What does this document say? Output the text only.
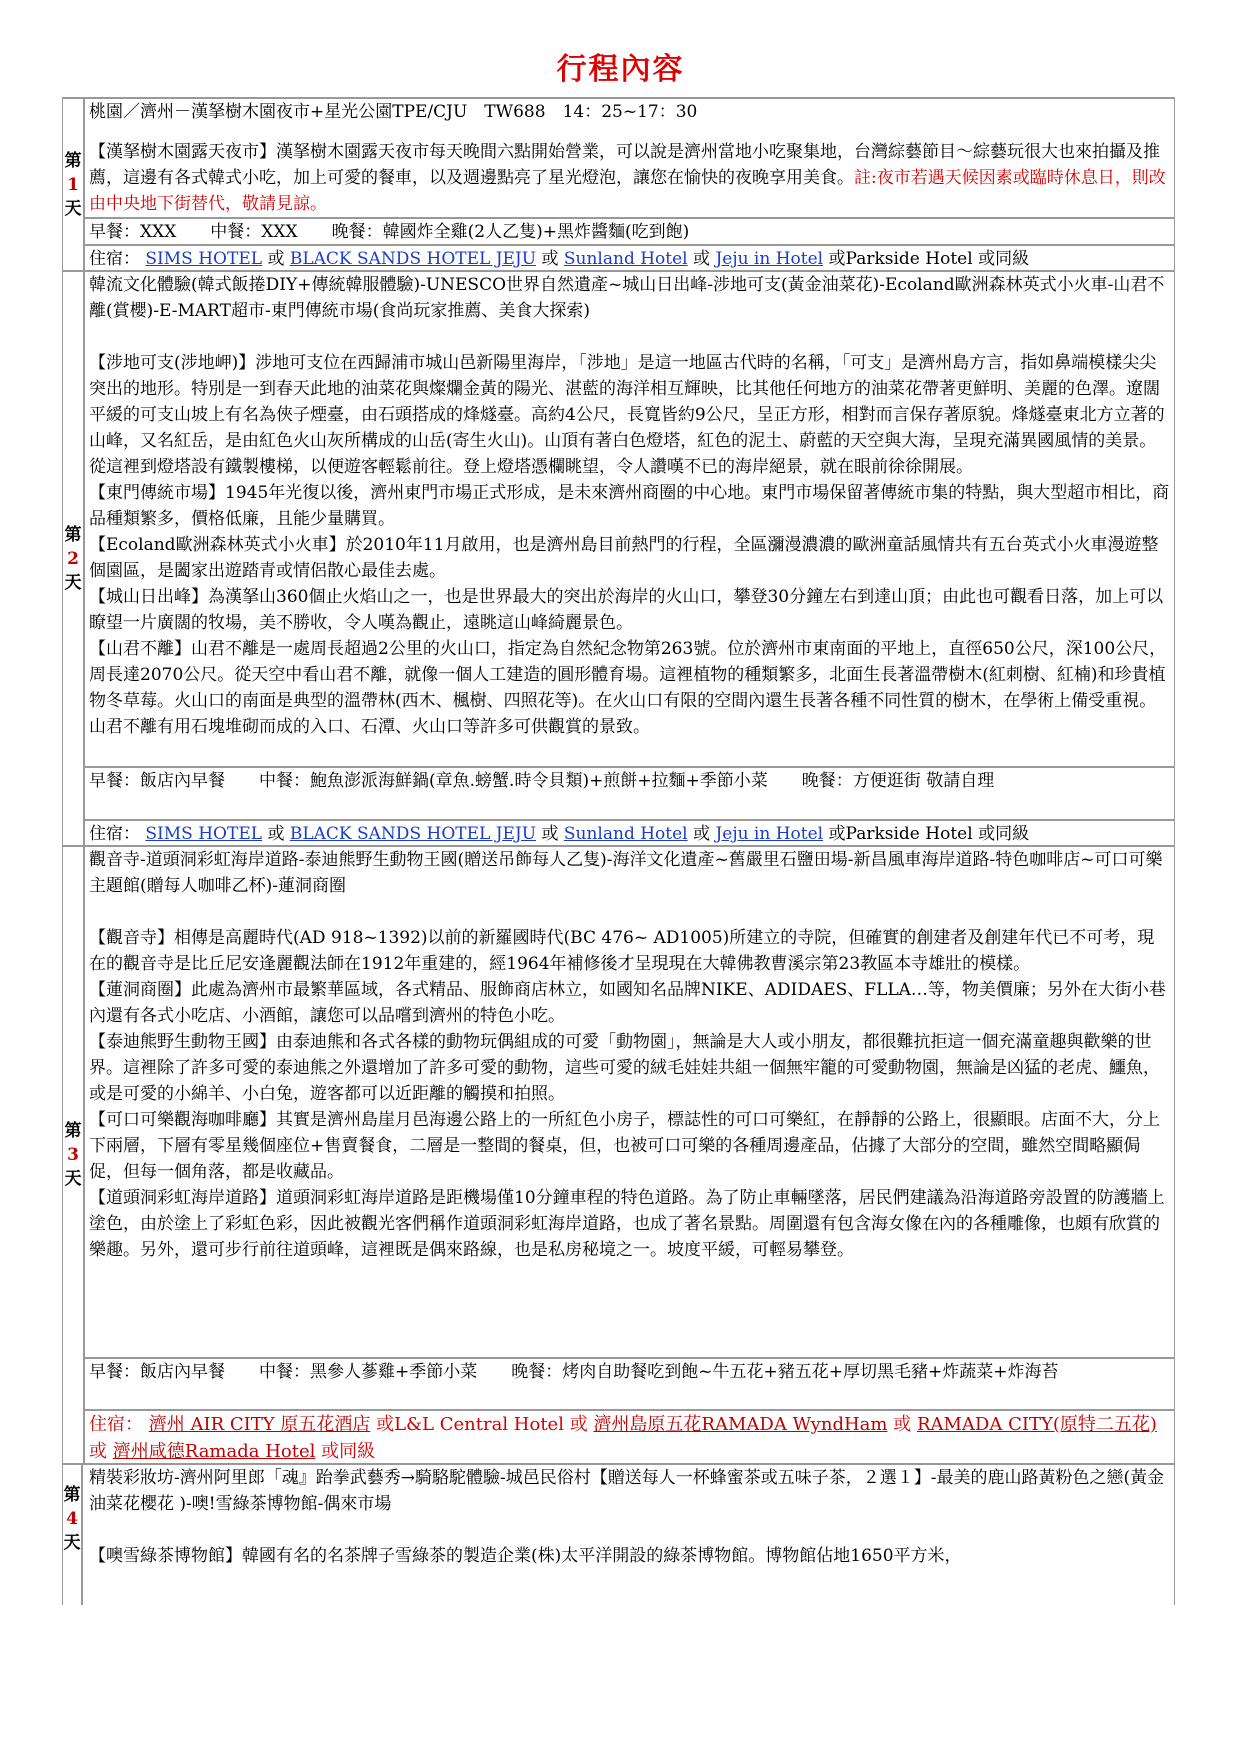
行程內容
第
1
天

桃園／濟州－漢拏樹木園夜市+星光公園TPE/CJU　TW688　14：25~17：30

【漢拏樹木園露天夜市】漢拏樹木園露天夜市每天晚間六點開始營業，可以說是濟州當地小吃聚集地，台灣綜藝節目～綜藝玩很大也來拍攝及推薦，這邊有各式韓式小吃，加上可愛的餐車，以及週邊點亮了星光燈泡，讓您在愉快的夜晚享用美食。註:夜市若遇天候因素或臨時休息日，則改由中央地下街替代，敬請見諒。

早餐：XXX　　中餐：XXX　　晚餐：韓國炸全雞(2人乙隻)+黑炸醬麵(吃到飽)

住宿： SIMS HOTEL 或 BLACK SANDS HOTEL JEJU 或 Sunland Hotel 或 Jeju in Hotel 或Parkside Hotel 或同級

第
2
天

韓流文化體驗(韓式飯捲DIY+傳統韓服體驗)-UNESCO世界自然遺產~城山日出峰-涉地可支(黃金油菜花)-Ecoland歐洲森林英式小火車-山君不離(賞櫻)-E-MART超市-東門傳統市場(食尚玩家推薦、美食大探索)

【涉地可支(涉地岬)】涉地可支位在西歸浦市城山邑新陽里海岸，「涉地」是這一地區古代時的名稱，「可支」是濟州島方言，指如鼻端模樣尖尖突出的地形。特別是一到春天此地的油菜花與燦爛金黃的陽光、湛藍的海洋相互輝映，比其他任何地方的油菜花帶著更鮮明、美麗的色澤。遼闊平緩的可支山坡上有名為俠子煙臺，由石頭搭成的烽燧臺。高約4公尺，長寬皆約9公尺，呈正方形，相對而言保存著原貌。烽燧臺東北方立著的山峰，又名紅岳，是由紅色火山灰所構成的山岳(寄生火山)。山頂有著白色燈塔，紅色的泥土、蔚藍的天空與大海，呈現充滿異國風情的美景。從這裡到燈塔設有鐵製樓梯，以便遊客輕鬆前往。登上燈塔憑欄眺望，令人讚嘆不已的海岸絕景，就在眼前徐徐開展。

【東門傳統市場】1945年光復以後，濟州東門市場正式形成，是未來濟州商圈的中心地。東門市場保留著傳統市集的特點，與大型超市相比，商品種類繁多，價格低廉，且能少量購買。

【Ecoland歐洲森林英式小火車】於2010年11月啟用，也是濟州島目前熱門的行程，全區瀰漫濃濃的歐洲童話風情共有五台英式小火車漫遊整個園區，是闔家出遊踏青或情侶散心最佳去處。

【城山日出峰】為漢拏山360個止火焰山之一，也是世界最大的突出於海岸的火山口，攀登30分鐘左右到達山頂；由此也可觀看日落，加上可以瞭望一片廣闊的牧場，美不勝收，令人嘆為觀止，遠眺這山峰綺麗景色。

【山君不離】山君不離是一處周長超過2公里的火山口，指定為自然紀念物第263號。位於濟州市東南面的平地上，直徑650公尺，深100公尺，周長達2070公尺。從天空中看山君不離，就像一個人工建造的圓形體育場。這裡植物的種類繁多，北面生長著溫帶樹木(紅刺樹、紅楠)和珍貴植物冬草莓。火山口的南面是典型的溫帶林(西木、楓樹、四照花等)。在火山口有限的空間內還生長著各種不同性質的樹木，在學術上備受重視。山君不離有用石塊堆砌而成的入口、石潭、火山口等許多可供觀賞的景致。

早餐：飯店內早餐　　中餐：鮑魚澎派海鮮鍋(章魚.螃蟹.時令貝類)+煎餅+拉麵+季節小菜　　晚餐：方便逛街 敬請自理

住宿： SIMS HOTEL 或 BLACK SANDS HOTEL JEJU 或 Sunland Hotel 或 Jeju in Hotel 或Parkside Hotel 或同級

第
3
天

觀音寺-道頭洞彩虹海岸道路-泰迪熊野生動物王國(贈送吊飾每人乙隻)-海洋文化遺產~舊嚴里石鹽田場-新昌風車海岸道路-特色咖啡店~可口可樂主題館(贈每人咖啡乙杯)-蓮洞商圈

【觀音寺】相傳是高麗時代(AD 918~1392)以前的新羅國時代(BC 476~ AD1005)所建立的寺院，但確實的創建者及創建年代已不可考，現在的觀音寺是比丘尼安逢麗觀法師在1912年重建的，經1964年補修後才呈現現在大韓佛教曹溪宗第23教區本寺雄壯的模樣。

【蓮洞商圈】此處為濟州市最繁華區域，各式精品、服飾商店林立，如國知名品牌NIKE、ADIDAES、FLLA…等，物美價廉；另外在大街小巷內還有各式小吃店、小酒館，讓您可以品嚐到濟州的特色小吃。

【泰迪熊野生動物王國】由泰迪熊和各式各樣的動物玩偶組成的可愛「動物園」，無論是大人或小朋友，都很難抗拒這一個充滿童趣與歡樂的世界。這裡除了許多可愛的泰迪熊之外還增加了許多可愛的動物，這些可愛的絨毛娃娃共組一個無牢籠的可愛動物園，無論是凶猛的老虎、鱷魚，或是可愛的小綿羊、小白兔，遊客都可以近距離的觸摸和拍照。

【可口可樂觀海咖啡廳】其實是濟州島崖月邑海邊公路上的一所紅色小房子，標誌性的可口可樂紅，在靜靜的公路上，很顯眼。店面不大，分上下兩層，下層有零星幾個座位+售賣餐食，二層是一整間的餐桌，但，也被可口可樂的各種周邊產品，佔據了大部分的空間，雖然空間略顯侷促，但每一個角落，都是收藏品。

【道頭洞彩虹海岸道路】道頭洞彩虹海岸道路是距機場僅10分鐘車程的特色道路。為了防止車輛墜落，居民們建議為沿海道路旁設置的防護牆上塗色，由於塗上了彩虹色彩，因此被觀光客們稱作道頭洞彩虹海岸道路，也成了著名景點。周圍還有包含海女像在內的各種雕像，也頗有欣賞的樂趣。另外，還可步行前往道頭峰，這裡既是偶來路線，也是私房秘境之一。坡度平緩，可輕易攀登。

早餐：飯店內早餐　　中餐：黑參人蔘雞+季節小菜　　晚餐：烤肉自助餐吃到飽~牛五花+豬五花+厚切黑毛豬+炸蔬菜+炸海苔

住宿： 濟州 AIR CITY 原五花酒店 或L&L Central Hotel 或 濟州島原五花RAMADA WyndHam 或 RAMADA CITY(原特二五花) 或 濟州咸德Ramada Hotel 或同級

第
4
天

精裝彩妝坊-濟州阿里郎「魂』跆拳武藝秀→騎駱駝體驗-城邑民俗村【贈送每人一杯蜂蜜茶或五味子茶，２選１】-最美的鹿山路黃粉色之戀(黃金油菜花櫻花 )-噢!雪綠茶博物館-偶來市場

【噢雪綠茶博物館】韓國有名的名茶牌子雪綠茶的製造企業(株)太平洋開設的綠茶博物館。博物館佔地1650平方米，
